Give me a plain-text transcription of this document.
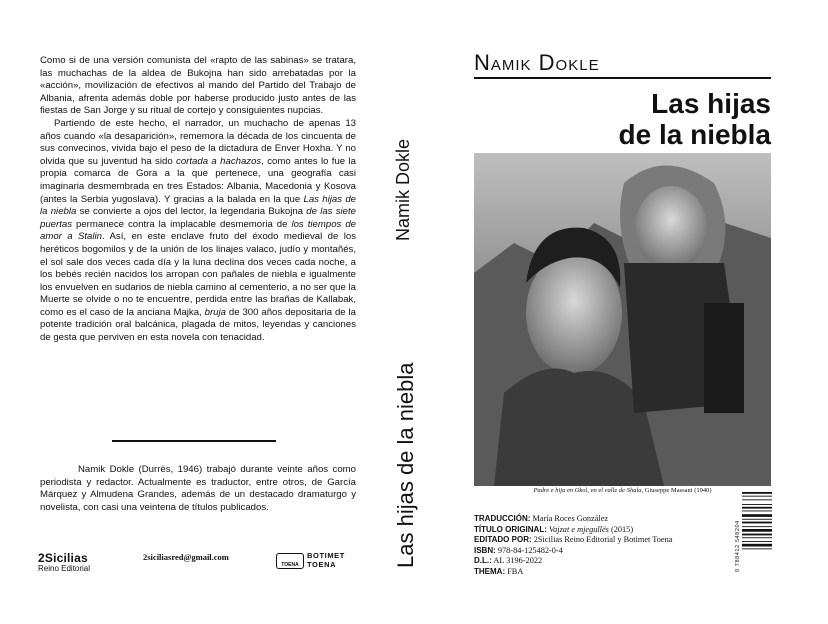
Como si de una versión comunista del «rapto de las sabinas» se tratara, las muchachas de la aldea de Bukojna han sido arrebatadas por la «acción», movilización de efectivos al mando del Partido del Trabajo de Albania, afrenta además doble por haberse producido justo antes de las fiestas de San Jorge y su ritual de cortejo y consiguientes nupcias.

Partiendo de este hecho, el narrador, un muchacho de apenas 13 años cuando «la desaparición», rememora la década de los cincuenta de sus convecinos, vivida bajo el peso de la dictadura de Enver Hoxha. Y no olvida que su juventud ha sido cortada a hachazos, como antes lo fue la propia comarca de Gora a la que pertenece, una geografía casi imaginaria desmembrada en tres Estados: Albania, Macedonia y Kosova (antes la Serbia yugoslava). Y gracias a la balada en la que Las hijas de la niebla se convierte a ojos del lector, la legendaria Bukojna de las siete puertas permanece contra la implacable desmemoria de los tiempos de amor a Stalin. Así, en este enclave fruto del éxodo medieval de los heréticos bogomilos y de la unión de los linajes valaco, judío y montañés, el sol sale dos veces cada día y la luna declina dos veces cada noche, a los bebés recién nacidos los arropan con pañales de niebla e igualmente los envuelven en sudarios de niebla camino al cementerio, a no ser que la Muerte se olvide o no te encuentre, perdida entre las brañas de Kallabak, como es el caso de la anciana Majka, bruja de 300 años depositaria de la potente tradición oral balcánica, plagada de mitos, leyendas y canciones de gesta que perviven en esta novela con tenacidad.

Namik Dokle (Durrës, 1946) trabajó durante veinte años como periodista y redactor. Actualmente es traductor, entre otros, de García Márquez y Almudena Grandes, además de un destacado dramaturgo y novelista, con casi una veintena de títulos publicados.

2Sicilias
Reino Editorial
2siciliasred@gmail.com
TOENA
BOTIMET
TOENA
Namik Dokle
Las hijas de la niebla
Namik Dokle
Las hijas
de la niebla
Padre e hija en Okol, en el valle de Shala, Giuseppe Massani (1940)
TRADUCCIÓN: María Roces González
TÍTULO ORIGINAL: Vajzat e mjegullës (2015)
EDITADO POR: 2Sicilias Reino Editorial y Botimet Toena
ISBN: 978-84-125482-0-4
D.L.: AL 3196-2022
THEMA: FBA	9 788412 548204
